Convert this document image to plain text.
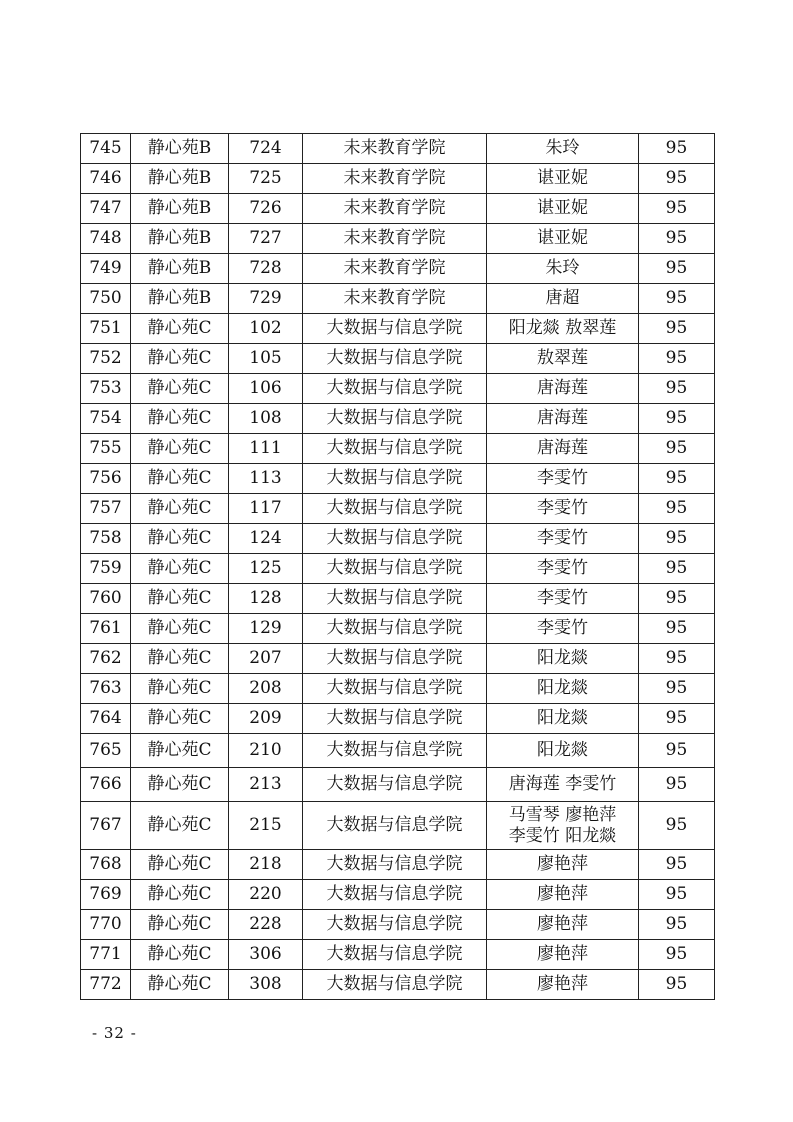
745	静心苑B	724	未来教育学院	朱玲	95
746	静心苑B	725	未来教育学院	谌亚妮	95
747	静心苑B	726	未来教育学院	谌亚妮	95
748	静心苑B	727	未来教育学院	谌亚妮	95
749	静心苑B	728	未来教育学院	朱玲	95
750	静心苑B	729	未来教育学院	唐超	95
751	静心苑C	102	大数据与信息学院	阳龙燚 敖翠莲	95
752	静心苑C	105	大数据与信息学院	敖翠莲	95
753	静心苑C	106	大数据与信息学院	唐海莲	95
754	静心苑C	108	大数据与信息学院	唐海莲	95
755	静心苑C	111	大数据与信息学院	唐海莲	95
756	静心苑C	113	大数据与信息学院	李雯竹	95
757	静心苑C	117	大数据与信息学院	李雯竹	95
758	静心苑C	124	大数据与信息学院	李雯竹	95
759	静心苑C	125	大数据与信息学院	李雯竹	95
760	静心苑C	128	大数据与信息学院	李雯竹	95
761	静心苑C	129	大数据与信息学院	李雯竹	95
762	静心苑C	207	大数据与信息学院	阳龙燚	95
763	静心苑C	208	大数据与信息学院	阳龙燚	95
764	静心苑C	209	大数据与信息学院	阳龙燚	95
765	静心苑C	210	大数据与信息学院	阳龙燚	95
766	静心苑C	213	大数据与信息学院	唐海莲 李雯竹	95
767	静心苑C	215	大数据与信息学院	马雪琴 廖艳萍
李雯竹 阳龙燚	95
768	静心苑C	218	大数据与信息学院	廖艳萍	95
769	静心苑C	220	大数据与信息学院	廖艳萍	95
770	静心苑C	228	大数据与信息学院	廖艳萍	95
771	静心苑C	306	大数据与信息学院	廖艳萍	95
772	静心苑C	308	大数据与信息学院	廖艳萍	95
- 32 -
